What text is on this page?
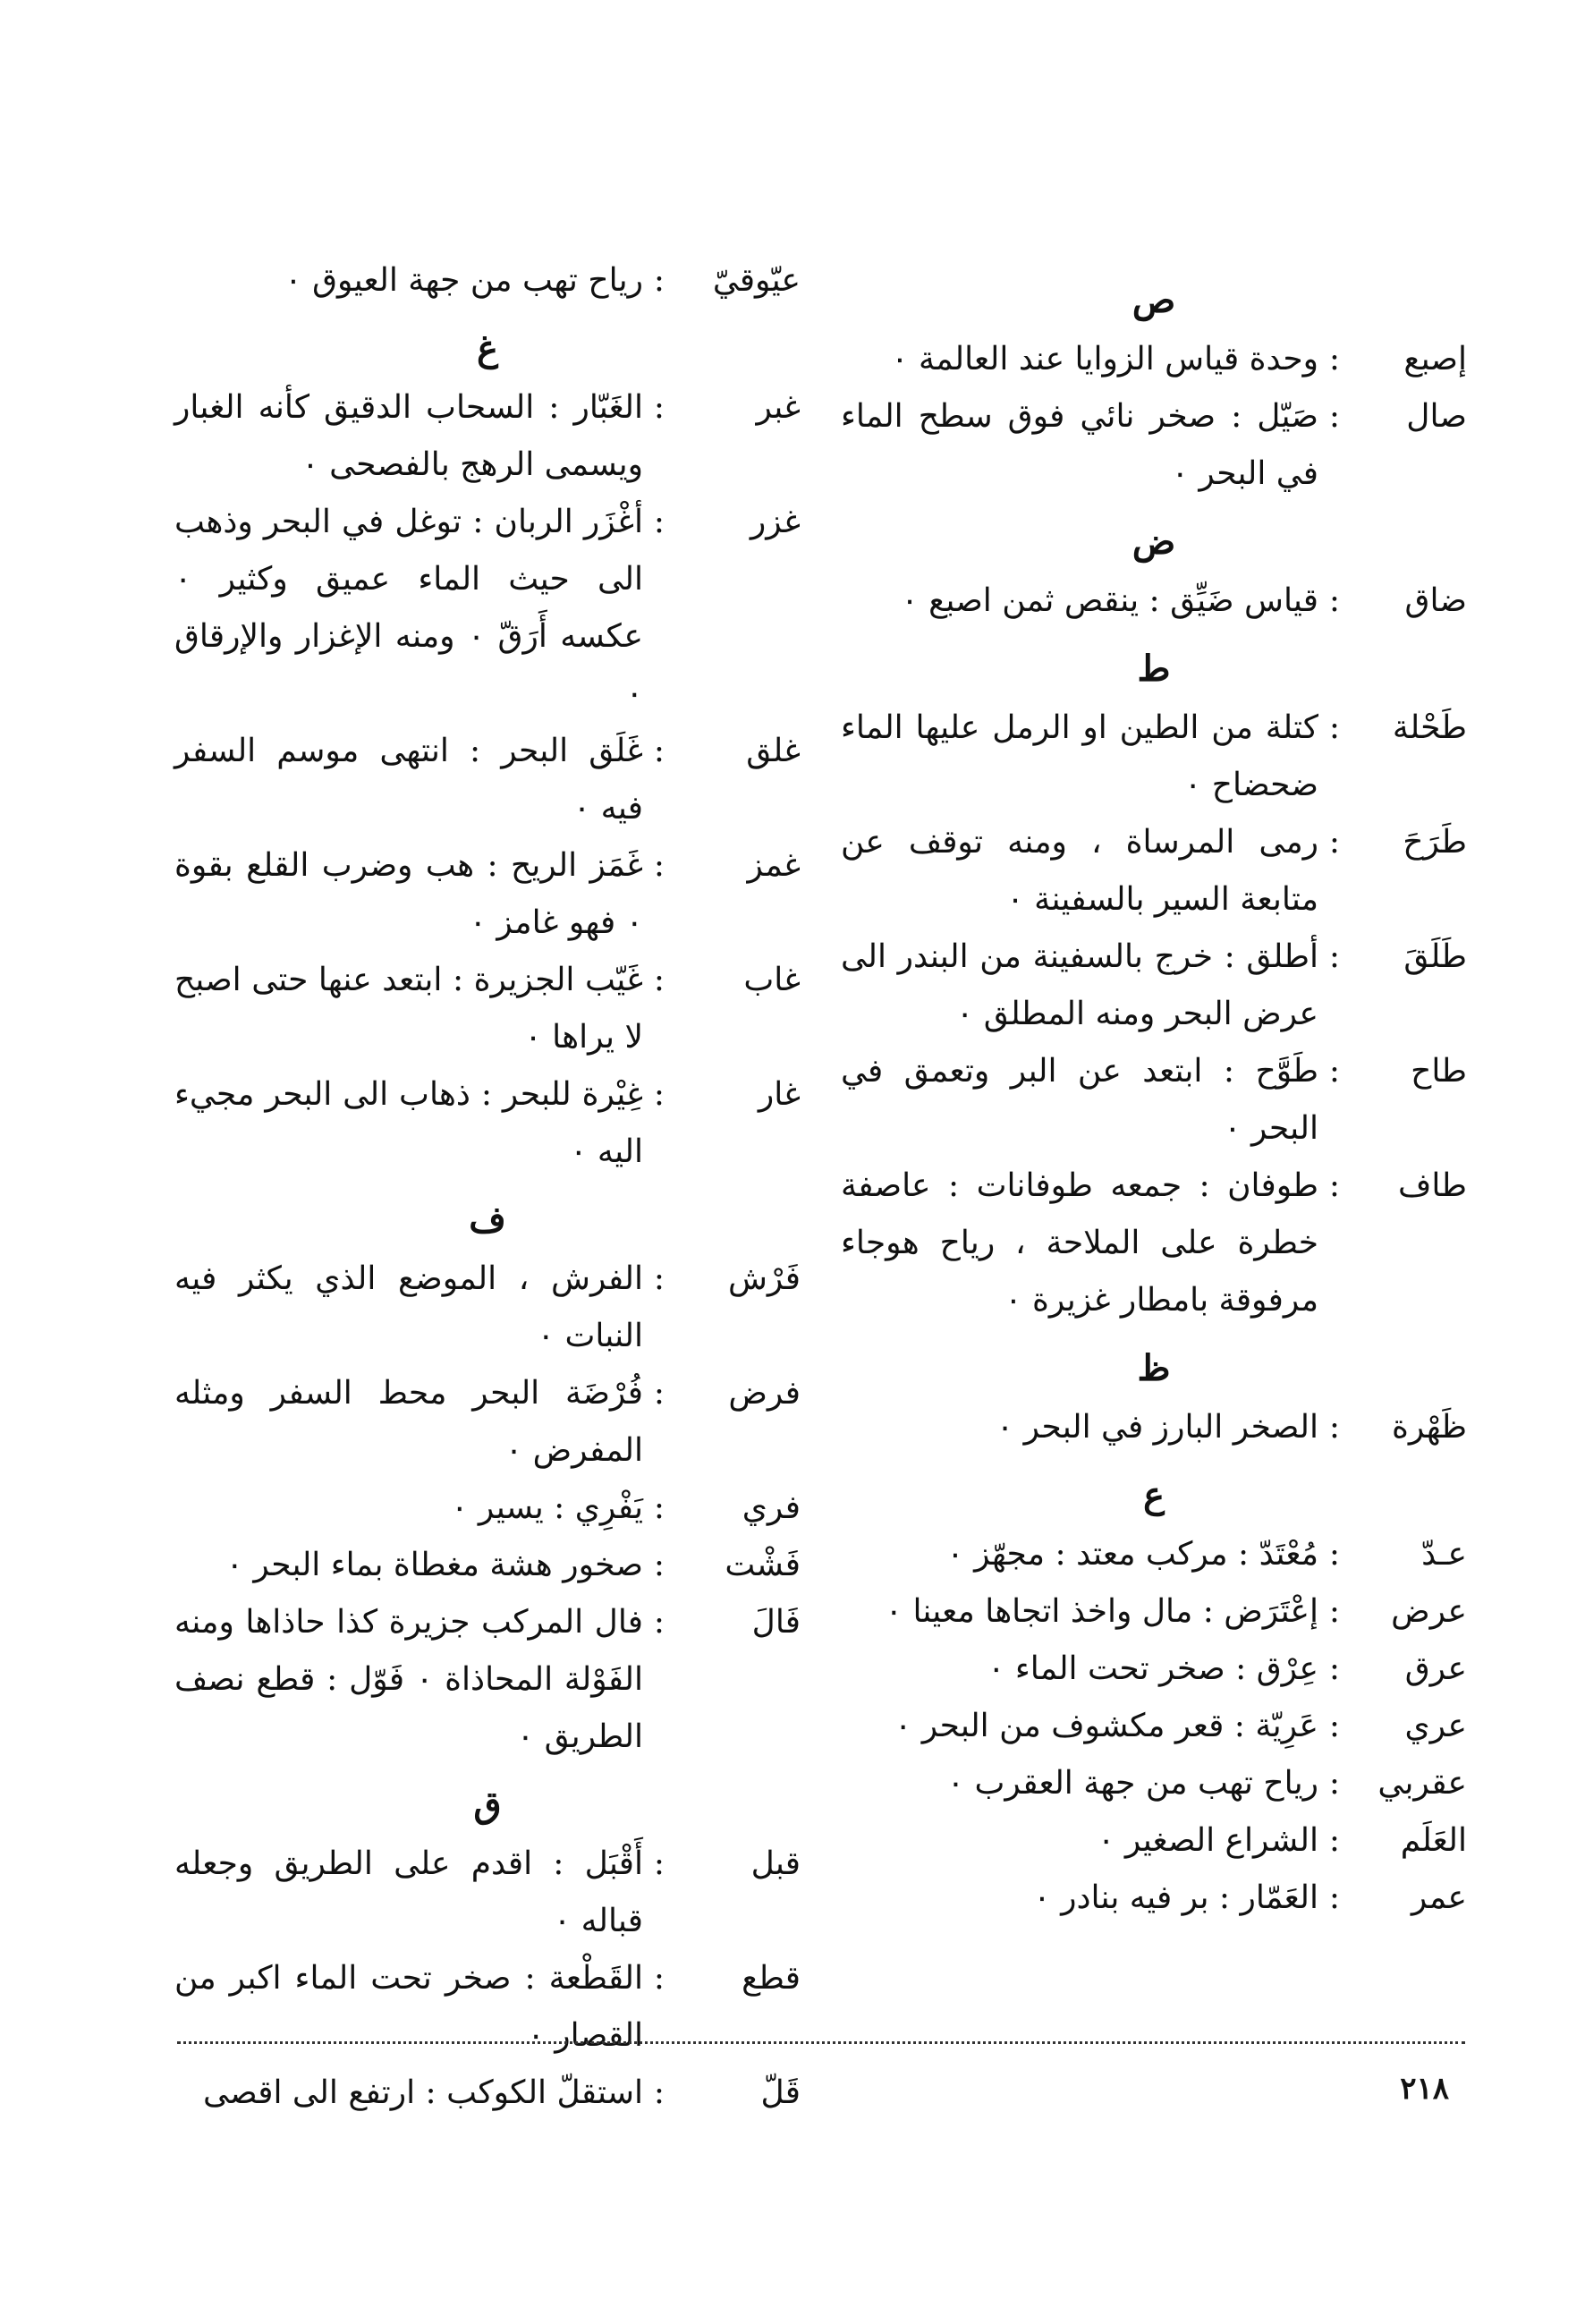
ص
إصبع
:
وحدة قياس الزوايا عند العالمة ٠
صال
:
صَيّل : صخر نائي فوق سطح الماء في البحر ٠
ض
ضاق
:
قياس ضَيِّق : ينقص ثمن اصبع ٠
ط
طَحْلة
:
كتلة من الطين او الرمل عليها الماء ضحضاح ٠
طَرَحَ
:
رمى المرساة ، ومنه توقف عن متابعة السير بالسفينة ٠
طَلَقَ
:
أطلق : خرج بالسفينة من البندر الى عرض البحر ومنه المطلق ٠
طاح
:
طَوَّح : ابتعد عن البر وتعمق في البحر ٠
طاف
:
طوفان : جمعه طوفانات : عاصفة خطرة على الملاحة ، رياح هوجاء مرفوقة بامطار غزيرة ٠
ظ
ظَهْرة
:
الصخر البارز في البحر ٠
ع
عـدّ
:
مُعْتَدّ : مركب معتد : مجهّز ٠
عرض
:
إعْتَرَض : مال واخذ اتجاها معينا ٠
عرق
:
عِرْق : صخر تحت الماء ٠
عري
:
عَرِيّة : قعر مكشوف من البحر ٠
عقربي
:
رياح تهب من جهة العقرب ٠
العَلَم
:
الشراع الصغير ٠
عمر
:
العَمّار : بر فيه بنادر ٠
عيّوقيّ
:
رياح تهب من جهة العيوق ٠
غ
غبر
:
الغَبّار : السحاب الدقيق كأنه الغبار ويسمى الرهج بالفصحى ٠
غزر
:
أغْزَر الربان : توغل في البحر وذهب الى حيث الماء عميق وكثير ٠ عكسه أَرَقّ ٠ ومنه الإغزار والإرقاق ٠
غلق
:
غَلَق البحر : انتهى موسم السفر فيه ٠
غمز
:
غَمَز الريح : هب وضرب القلع بقوة ٠ فهو غامز ٠
غاب
:
غَيّب الجزيرة : ابتعد عنها حتى اصبح لا يراها ٠
غار
:
غِيْرة للبحر : ذهاب الى البحر مجيء اليه ٠
ف
فَرْش
:
الفرش ، الموضع الذي يكثر فيه النبات ٠
فرض
:
فُرْضَة البحر محط السفر ومثله المفرض ٠
فري
:
يَفْرِي : يسير ٠
فَشْت
:
صخور هشة مغطاة بماء البحر ٠
فَالَ
:
فال المركب جزيرة كذا حاذاها ومنه الفَوْلة المحاذاة ٠ فَوّل : قطع نصف الطريق ٠
ق
قبل
:
أَقْبَل : اقدم على الطريق وجعله قباله ٠
قطع
:
القَطْعة : صخر تحت الماء اكبر من القصار ٠
قَلّ
:
استقلّ الكوكب : ارتفع الى اقصى	٢١٨
